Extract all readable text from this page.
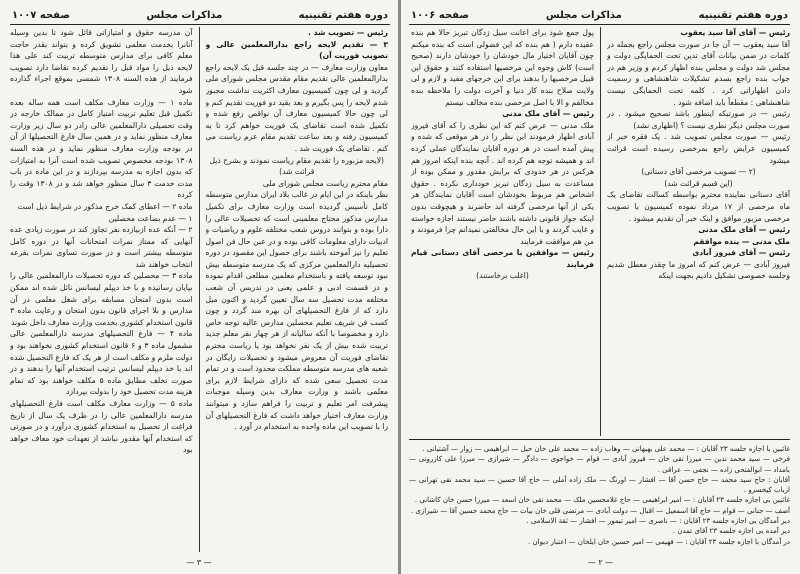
دوره هفتم تقنینیه
مذاکرات مجلس
صفحه ۱۰۰۷

رئیس — تصویب شد .

۳ — تقدیم لایحه راجع بدارالمعلمین عالی و تصویب فوریت آن)

معاون وزارت معارف — در چند جلسه قبل یک لایحه راجع بدارالمعلمین عالی تقدیم مقام مقدس مجلس شورای ملی گردید و لی چون کمیسیون معارف اکثریت نداشت مجبور شدم لایحه را پس بگیرم و بعد بقید دو فوریت تقدیم کنم و لی چون حالا کمیسیون معارف آن نواقص رفع شده و تکمیل شده است تقاضای یک فوریت خواهم کرد تا به کمیسیون رفته و بعد ساعت تقدیم مقام عزم ریاست می کنم . تقاضای یک فوریت شد .

(لایحه مزبوره را تقدیم مقام ریاست نمودند و بشرح ذیل قرائت شد)

مقام محترم ریاست مجلس شورای ملی

نظر باینکه در این ایام در غالب بلاد ایران مدارس متوسطه کامل تأسیس گردیده است وزارت معارف برای تکمیل مدارس مذکور محتاج معلمینی است که تحصیلات عالی را دارا بوده و بتوانند دروس شعب مختلفه علوم و ریاضیات و ادبیات دارای معلومات کافی بوده و در عین حال فن اصول تعلیم را نیز آموخته باشند برای حصول این مقصود در دوره تحصیلیه دارالمعلمین مرکزی که یک مدرسه متوسطه بیش نبود توسعه یافته و باستخدام معلمین مطلعی اقدام نموده و در قسمت ادبی و علمی یعنی در تدریس آن شعب مختلفه مدت تحصیل سه سال تعیین گردید و اکنون میل دارد که از فارغ التحصیلهای آن بهره مند گردد و چون کسب فن شریف تعلیم محصلین مدارس عالیه توجه خاص دارد و مخصوصا با آنکه سالیانه از هر چهار نفر معلم جدید تربیت شده بیش از یک نفر نخواهد بود یا ریاست محترم تقاضای فوریت آن معروض میشود و تحصیلات رایگان در شعبه های مدرسه متوسطه مملکت محدود است و در تمام مدت تحصیل سعی شده که دارای شرایط لازم برای معلمی باشند و وزارت معارف بدین وسیله موجبات پیشرفت امر تعلیم و تربیت را فراهم سازد و میتوانند وزارت معارف اختیار خواهد داشت که فارغ التحصیلهای آن را با تصویب این ماده واحده به استخدام در آورد .

آن مدرسه حقوق و امتیازاتی قائل شود تا بدین وسیله آنانرا بخدمت معلمی تشویق کرده و بتواند بقدر حاجت معلم کافی برای مدارس متوسطه تربیت کند علی هذا لایحه ذیل را مواد قبل را تقدیم کرده تقاضا دارد تصویب فرمایند از هذه السنه ۱۳۰۸ شمسی بموقع اجراء گذارده شود

ماده ۱ — وزارت معارف مکلف است همه ساله بعده تکمیل قبل تعلیم تربیت امتیاز کامل در ممالک خارجه در وقت تحصیلی دارالمعلمین عالی رادر دو سال زیر وزارت معارف منظور نماید و در همین سال فارغ التحصیلها از آن در بودجه وزارت معارف منظور نماید و در هذه السنه ۱۳۰۸ بودجه مخصوص تصویب شده است آنرا به امتیازات که بدون اجازه به مدرسه بپردازند و در این ماده در باب مدت خدمت ۳ سال منظور خواهد شد و در ۱۳۰۸ وقت را کرده

ماده ۲ — اعطای کمک خرج مذکور در شرایط ذیل است

۱ — عدم بضاعت محصلین

۲ — آنکه عده ازبیازده نفر تجاوز کند در صورت زیادی عده آنهایی که ممتاز نمرات امتحانات آنها در دوره کامل متوسطه بیشتر است و در صورت تساوی نمرات بقرعه انتخاب خواهند شد

ماده ۳ — محصلین که دوره تحصیلات دارالمعلمین عالی را بپایان رسانیده و با خذ دیپلم لیسانس نائل شده اند ممکن است بدون امتحان مسابقه برای شغل معلمی در آن مدارس و بلا اجرای قانون بدون امتحان و رعایت ماده ۳ قانون استخدام کشوری بخدمت وزارت معارف داخل شوند

ماده ۴ — فارغ التحصیلهای مدرسه دارالمعلمین عالی مشمول ماده ۳ و ۶ قانون استخدام کشوری نخواهند بود و دولت ملزم و مکلف است از هر یک که فارغ التحصیل شده اند با خذ دیپلم لیسانس ترتیب استخدام آنها را بدهند و در صورت تخلف مطابق ماده ۵ مکلف خواهند بود که تمام هزینه مدت تحصیل خود را بدولت بپردازد

ماده ۵ — وزارت معارف مکلف است فارغ التحصیلهای مدرسه دارالمعلمین عالی را در ظرف یک سال از تاریخ فراغت از تحصیل به استخدام کشوری درآورد و در صورتی که استخدام آنها مقدور نباشد از تعهدات خود معاف خواهد بود

— ۳ —
دوره هفتم تقنینیه
مذاکرات مجلس
صفحه ۱۰۰۶

رئیس — آقای آقا سید یعقوب

آقا سید یعقوب — آن جا در صورت مجلس راجع بجمله در کلمات در ضمن بیانات آقای تدین تحت الحمایگی دولت و مجلس شد دولت و مجلس بنده اظهار کردم و وزیر هم در جواب بنده راجع بسدم تشکیلات شاهنشاهی و رسمیت دادن اظهاراتی کرد . کلمه تحت الحمایگی نیست شاهنشاهی : مقطعاً باید اضافه شود .

رئیس — در صورتیکه اینطور باشد تصحیح میشود . در صورت مجلس دیگر نظری نیست ؟ (اظهاری نشد)

رئیس — صورت مجلس تصویب شد . یک فقره خبر از کمیسیون عرایض راجع بمرخصی رسیده است قرائت میشود

(۲ — تصویب مرخصی آقای دستانی)

(این قسم قرائت شد)

آقای دستانی نماینده محترم بواسطه کسالت تقاضای یک ماه مرخصی از ۱۷ مرداد نموده کمیسیون با تصویب مرخصی مزبور موافق و اینک خبر آن تقدیم میشود .

رئیس — آقای ملک مدنی

ملک مدنی — بنده موافقم

رئیس — آقای فیروز آبادی

فیروز آبادی — عرض کنم که امروز ما چقدر معطل شدیم وجلسه خصوصی تشکیل دادیم بجهت اینکه

پول جمع شود برای اعانت سیل زدگان تبریز حالا هم بنده عقیده دارم ( هم بنده که این فضولی است که بنده میکنم چون آقایان اختیار مال خودشان را خودشان دارند (صحیح است) کاش وجوه این مرخصیها استفاده کنند و حقوق این قبیل مرخصیها را بدهند برای این خرجهای مفید و لازم و لی ولایت صلاح بنده کار دنیا و آخرت دولت را ملاحظه بنده مخالفم و الا با اصل مرخصی بنده مخالف نیستم

رئیس — آقای ملک مدنی

ملک مدنی — عرض کنم که این نظری را که آقای فیروز آبادی اظهار فرمودند این نظر را در هر موقعی که شده و پیش آمده است در هر دوره آقایان نمایندگان عملی کرده اند و همیشه توجه هم کرده اند . آنچه بنده اینکه امروز هم هرکس در هر حدودی که برایش مقدور و ممکن بوده از مساعدت به سیل زدگان تبریز خودداری نکرده . حقوق اشخاص هم مربوط بخودشان است آقایان نمایندگان هر یکی از آنها مرخصی گرفته اند حاضرند و هیچوقت بدون اینکه جواز قانونی داشته باشند حاضر نیستند اجازه خواسته و غایب گردند و با این حال مخالفتی نمیدانم چرا فرمودند و من هم موافقت فرمایند

رئیس — موافقین با مرخصی آقای دستانی قیام فرمایند

(اغلب برخاستند)

غائبین با اجازه جلسه ۲۳ آقایان : — محمد علی بهبهانی — وهاب زاده — محمد علی خان حبل — ابراهیمی — زوار — آشتیانی .

فرخی — سید محمد تدین — میرزا تقی خان — فیروز آبادی — قوام — خواجوی — دادگر — شیرازی — میرزا علی کازرونی — بامداد — ابوالفتحی زاده — نجفی — عراقی .

آقایان : حاج سید محمد — حاج حسن آقا — افشار — اورنگ — ملک زاده آملی — حاج آقا حسین — سید محمد نقی تهرانی — ارباب کیخسرو .

غائبین بی اجازه جلسه ۲۳ آقایان : — امیر ابراهیمی — حاج غلامحسین ملک — محمد نقی خان اسعد — میرزا حسن خان کاشانی .

آصف — جنانی — قوام — حاج آقا اسمعیل — اقبال — دولت آبادی — مرتضی قلی خان بیات — حاج محمد حسین آقا — شیرازی .

دیر آمدگان بی اجازه جلسه ۲۳ آقایان : — ناصری — امیر تیمور — افشار — ثقة الاسلامی .

دیر آمده بی اجازه جلسه ۲۳ آقای تمدن .

در آمدگان با اجازه جلسه ۲۳ آقایان : — فهیمی — امیر حسین خان ایلخان — اعتبار دیوان .

— ۲ —
